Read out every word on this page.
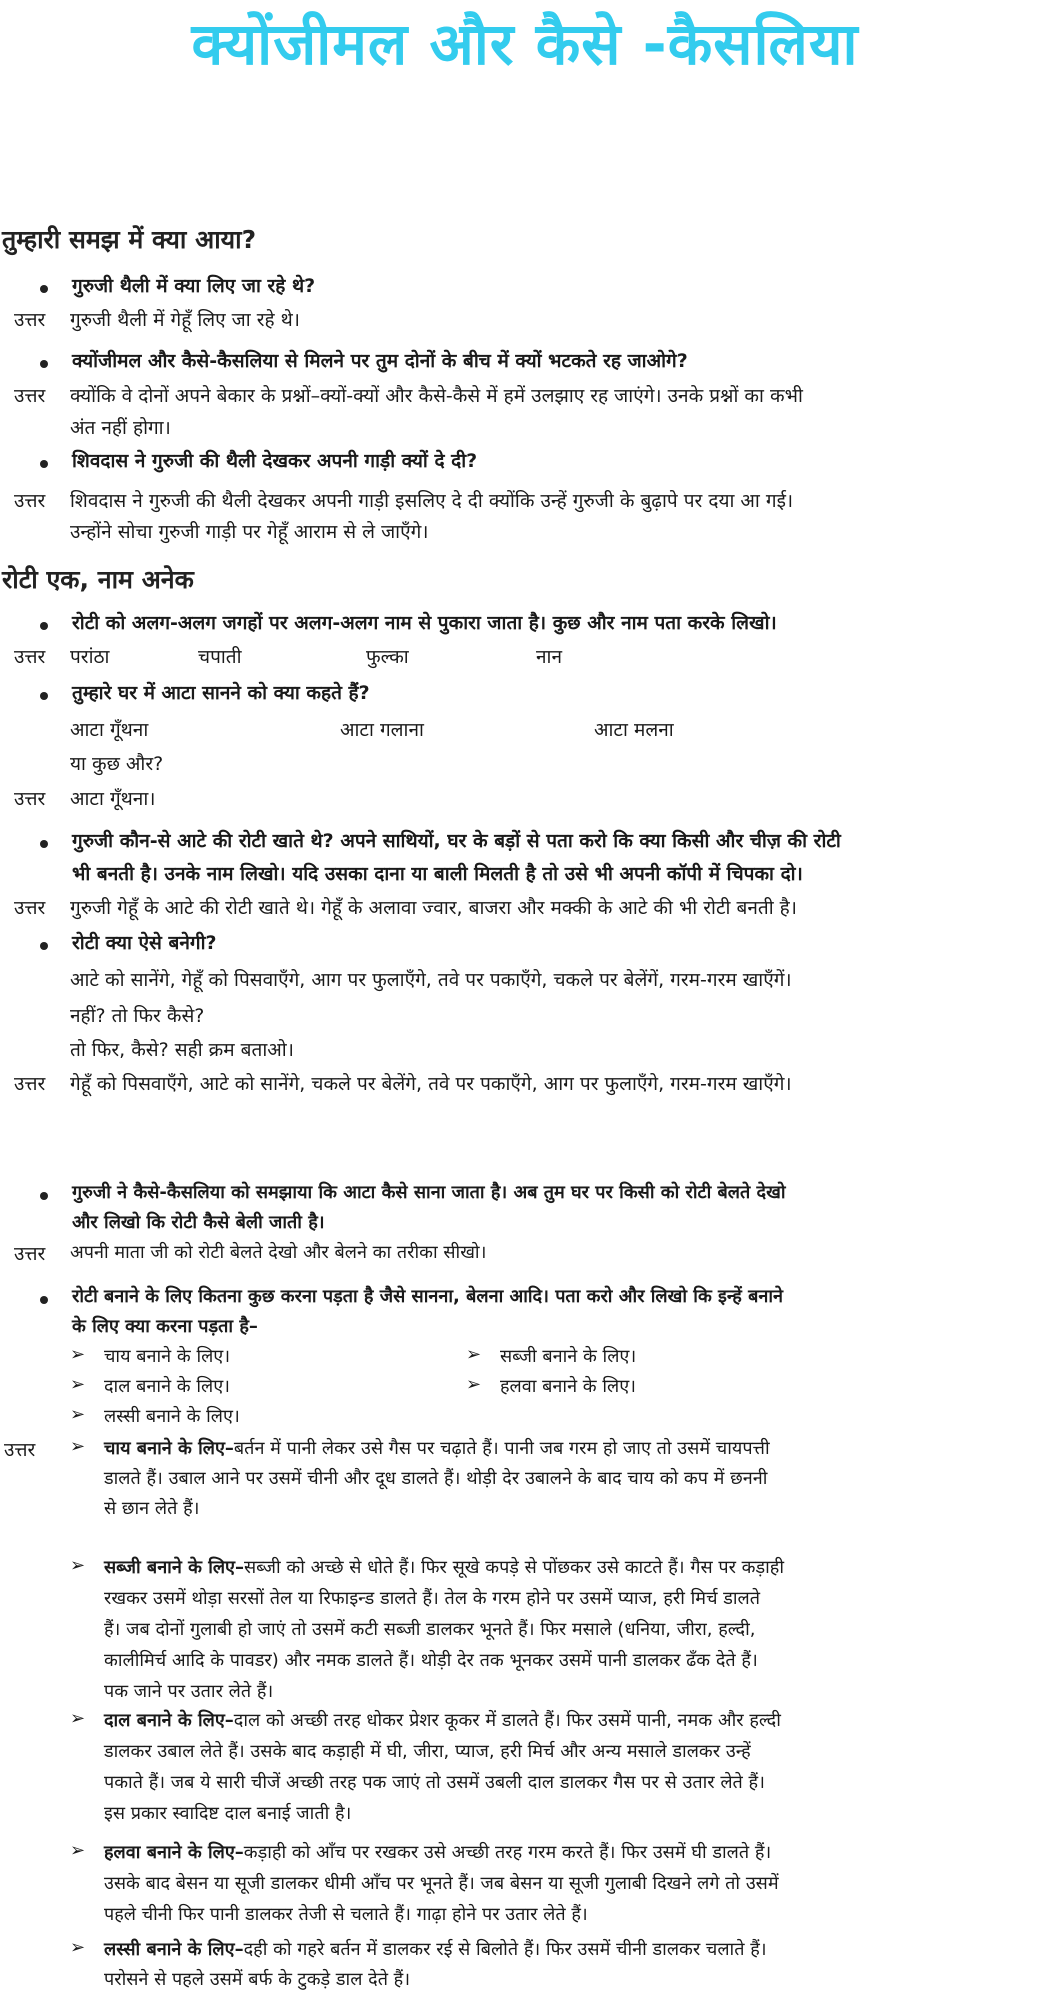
क्योंजीमल और कैसे -कैसलिया
तुम्हारी समझ में क्या आया?
गुरुजी थैली में क्या लिए जा रहे थे?
उत्तर गुरुजी थैली में गेहूँ लिए जा रहे थे।
क्योंजीमल और कैसे-कैसलिया से मिलने पर तुम दोनों के बीच में क्यों भटकते रह जाओगे?
उत्तर क्योंकि वे दोनों अपने बेकार के प्रश्नों–क्यों-क्यों और कैसे-कैसे में हमें उलझाए रह जाएंगे। उनके प्रश्नों का कभी
अंत नहीं होगा।
शिवदास ने गुरुजी की थैली देखकर अपनी गाड़ी क्यों दे दी?
उत्तर शिवदास ने गुरुजी की थैली देखकर अपनी गाड़ी इसलिए दे दी क्योंकि उन्हें गुरुजी के बुढ़ापे पर दया आ गई।
उन्होंने सोचा गुरुजी गाड़ी पर गेहूँ आराम से ले जाएँगे।
रोटी एक, नाम अनेक
रोटी को अलग-अलग जगहों पर अलग-अलग नाम से पुकारा जाता है। कुछ और नाम पता करके लिखो।
उत्तर परांठा	चपाती	फुल्का	नान
तुम्हारे घर में आटा सानने को क्या कहते हैं?
आटा गूँथना	आटा गलाना	आटा मलना
या कुछ और?
उत्तर आटा गूँथना।
गुरुजी कौन-से आटे की रोटी खाते थे? अपने साथियों, घर के बड़ों से पता करो कि क्या किसी और चीज़ की रोटी
भी बनती है। उनके नाम लिखो। यदि उसका दाना या बाली मिलती है तो उसे भी अपनी कॉपी में चिपका दो।
उत्तर गुरुजी गेहूँ के आटे की रोटी खाते थे। गेहूँ के अलावा ज्वार, बाजरा और मक्की के आटे की भी रोटी बनती है।
रोटी क्या ऐसे बनेगी?
आटे को सानेंगे, गेहूँ को पिसवाएँगे, आग पर फुलाएँगे, तवे पर पकाएँगे, चकले पर बेलेंगें, गरम-गरम खाएँगें।
नहीं? तो फिर कैसे?
तो फिर, कैसे? सही क्रम बताओ।
उत्तर गेहूँ को पिसवाएँगे, आटे को सानेंगे, चकले पर बेलेंगे, तवे पर पकाएँगे, आग पर फुलाएँगे, गरम-गरम खाएँगे।
गुरुजी ने कैसे-कैसलिया को समझाया कि आटा कैसे साना जाता है। अब तुम घर पर किसी को रोटी बेलते देखो
और लिखो कि रोटी कैसे बेली जाती है।
उत्तर अपनी माता जी को रोटी बेलते देखो और बेलने का तरीका सीखो।
रोटी बनाने के लिए कितना कुछ करना पड़ता है जैसे सानना, बेलना आदि। पता करो और लिखो कि इन्हें बनाने
के लिए क्या करना पड़ता है–
➢ चाय बनाने के लिए।	➢ सब्जी बनाने के लिए।
➢ दाल बनाने के लिए।	➢ हलवा बनाने के लिए।
➢ लस्सी बनाने के लिए।
उत्तर ➢ चाय बनाने के लिए–बर्तन में पानी लेकर उसे गैस पर चढ़ाते हैं। पानी जब गरम हो जाए तो उसमें चायपत्ती
डालते हैं। उबाल आने पर उसमें चीनी और दूध डालते हैं। थोड़ी देर उबालने के बाद चाय को कप में छननी
से छान लेते हैं।
➢ सब्जी बनाने के लिए–सब्जी को अच्छे से धोते हैं। फिर सूखे कपड़े से पोंछकर उसे काटते हैं। गैस पर कड़ाही
रखकर उसमें थोड़ा सरसों तेल या रिफाइन्ड डालते हैं। तेल के गरम होने पर उसमें प्याज, हरी मिर्च डालते
हैं। जब दोनों गुलाबी हो जाएं तो उसमें कटी सब्जी डालकर भूनते हैं। फिर मसाले (धनिया, जीरा, हल्दी,
कालीमिर्च आदि के पावडर) और नमक डालते हैं। थोड़ी देर तक भूनकर उसमें पानी डालकर ढँक देते हैं।
पक जाने पर उतार लेते हैं।
➢ दाल बनाने के लिए–दाल को अच्छी तरह धोकर प्रेशर कूकर में डालते हैं। फिर उसमें पानी, नमक और हल्दी
डालकर उबाल लेते हैं। उसके बाद कड़ाही में घी, जीरा, प्याज, हरी मिर्च और अन्य मसाले डालकर उन्हें
पकाते हैं। जब ये सारी चीजें अच्छी तरह पक जाएं तो उसमें उबली दाल डालकर गैस पर से उतार लेते हैं।
इस प्रकार स्वादिष्ट दाल बनाई जाती है।
➢ हलवा बनाने के लिए–कड़ाही को आँच पर रखकर उसे अच्छी तरह गरम करते हैं। फिर उसमें घी डालते हैं।
उसके बाद बेसन या सूजी डालकर धीमी आँच पर भूनते हैं। जब बेसन या सूजी गुलाबी दिखने लगे तो उसमें
पहले चीनी फिर पानी डालकर तेजी से चलाते हैं। गाढ़ा होने पर उतार लेते हैं।
➢ लस्सी बनाने के लिए–दही को गहरे बर्तन में डालकर रई से बिलोते हैं। फिर उसमें चीनी डालकर चलाते हैं।
परोसने से पहले उसमें बर्फ के टुकड़े डाल देते हैं।
